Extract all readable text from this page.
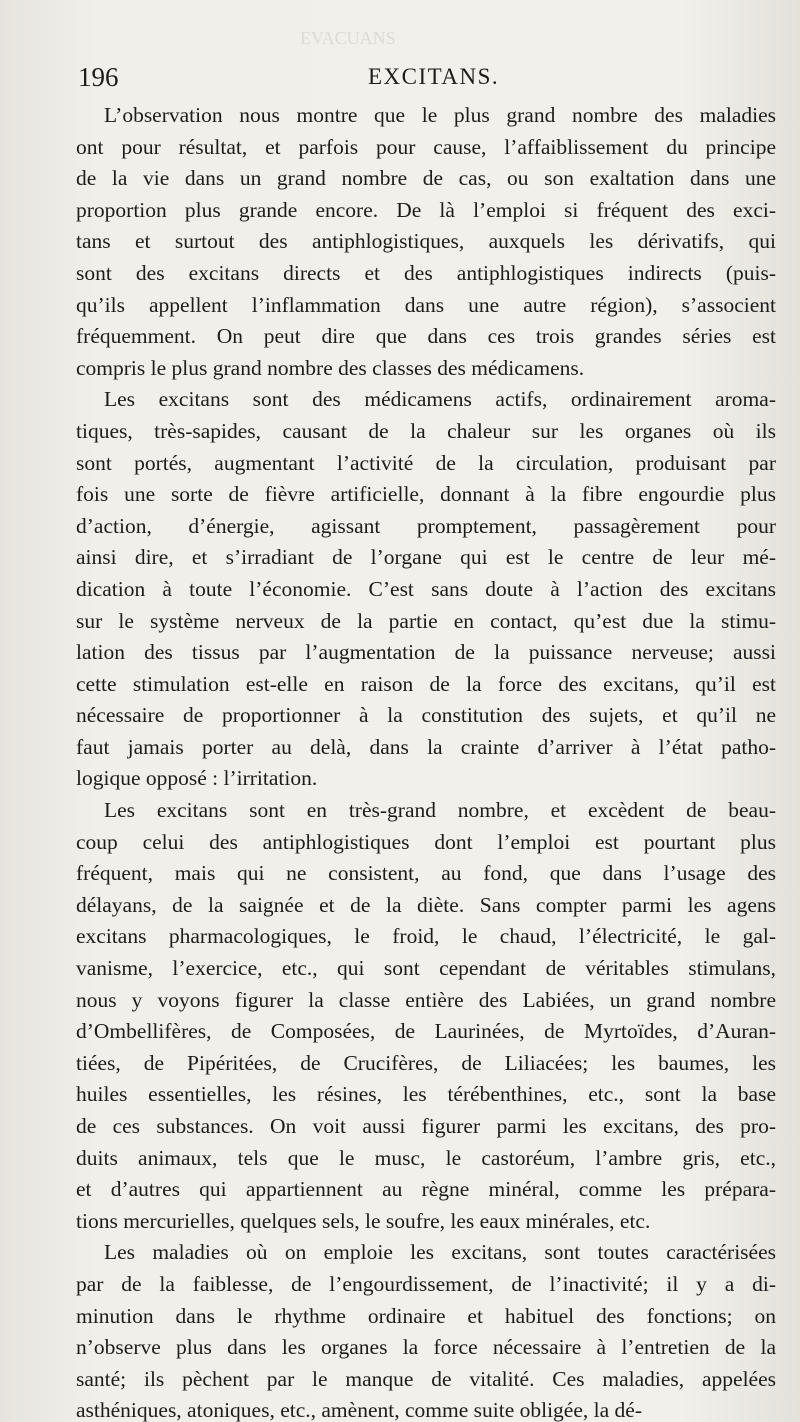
EVACUANS
196	EXCITANS.
L’observation nous montre que le plus grand nombre des maladies
ont pour résultat, et parfois pour cause, l’affaiblissement du principe
de la vie dans un grand nombre de cas, ou son exaltation dans une
proportion plus grande encore. De là l’emploi si fréquent des exci-
tans et surtout des antiphlogistiques, auxquels les dérivatifs, qui
sont des excitans directs et des antiphlogistiques indirects (puis-
qu’ils appellent l’inflammation dans une autre région), s’associent
fréquemment. On peut dire que dans ces trois grandes séries est
compris le plus grand nombre des classes des médicamens.
Les excitans sont des médicamens actifs, ordinairement aroma-
tiques, très-sapides, causant de la chaleur sur les organes où ils
sont portés, augmentant l’activité de la circulation, produisant par
fois une sorte de fièvre artificielle, donnant à la fibre engourdie plus
d’action, d’énergie, agissant promptement, passagèrement pour
ainsi dire, et s’irradiant de l’organe qui est le centre de leur mé-
dication à toute l’économie. C’est sans doute à l’action des excitans
sur le système nerveux de la partie en contact, qu’est due la stimu-
lation des tissus par l’augmentation de la puissance nerveuse; aussi
cette stimulation est-elle en raison de la force des excitans, qu’il est
nécessaire de proportionner à la constitution des sujets, et qu’il ne
faut jamais porter au delà, dans la crainte d’arriver à l’état patho-
logique opposé : l’irritation.
Les excitans sont en très-grand nombre, et excèdent de beau-
coup celui des antiphlogistiques dont l’emploi est pourtant plus
fréquent, mais qui ne consistent, au fond, que dans l’usage des
délayans, de la saignée et de la diète. Sans compter parmi les agens
excitans pharmacologiques, le froid, le chaud, l’électricité, le gal-
vanisme, l’exercice, etc., qui sont cependant de véritables stimulans,
nous y voyons figurer la classe entière des Labiées, un grand nombre
d’Ombellifères, de Composées, de Laurinées, de Myrtoïdes, d’Auran-
tiées, de Pipéritées, de Crucifères, de Liliacées; les baumes, les
huiles essentielles, les résines, les térébenthines, etc., sont la base
de ces substances. On voit aussi figurer parmi les excitans, des pro-
duits animaux, tels que le musc, le castoréum, l’ambre gris, etc.,
et d’autres qui appartiennent au règne minéral, comme les prépara-
tions mercurielles, quelques sels, le soufre, les eaux minérales, etc.
Les maladies où on emploie les excitans, sont toutes caractérisées
par de la faiblesse, de l’engourdissement, de l’inactivité; il y a di-
minution dans le rhythme ordinaire et habituel des fonctions; on
n’observe plus dans les organes la force nécessaire à l’entretien de la
santé; ils pèchent par le manque de vitalité. Ces maladies, appelées
asthéniques, atoniques, etc., amènent, comme suite obligée, la dé-
